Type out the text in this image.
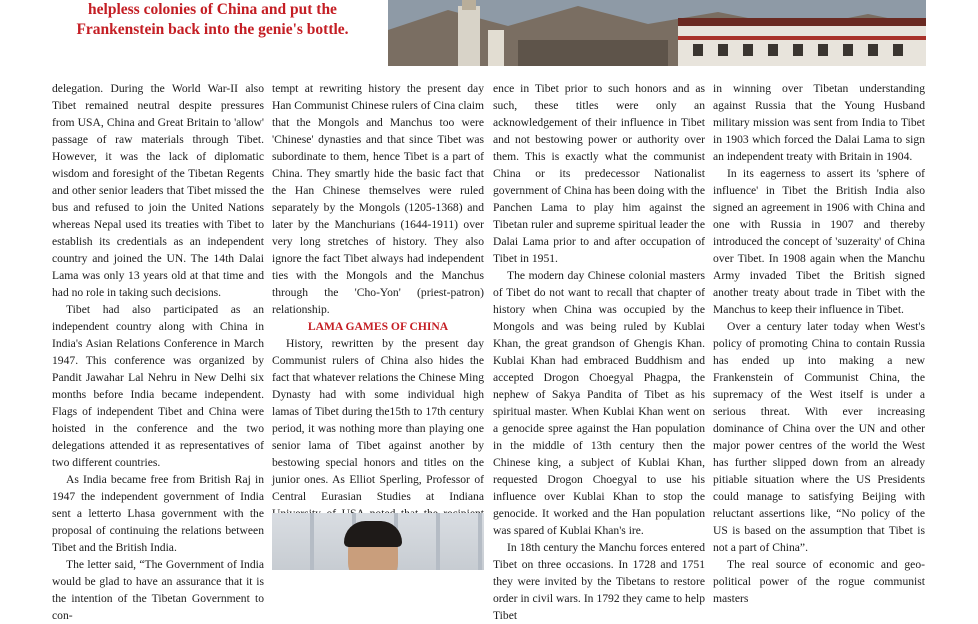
helpless colonies of China and put the
Frankenstein back into the genie's bottle.

delegation. During the World War-II also Tibet remained neutral despite pressures from USA, China and Great Britain to 'allow' passage of raw materials through Tibet. However, it was the lack of diplomatic wisdom and foresight of the Tibetan Regents and other senior leaders that Tibet missed the bus and refused to join the United Nations whereas Nepal used its treaties with Tibet to establish its credentials as an independent country and joined the UN. The 14th Dalai Lama was only 13 years old at that time and had no role in taking such decisions.

Tibet had also participated as an independent country along with China in India's Asian Relations Conference in March 1947. This conference was organized by Pandit Jawahar Lal Nehru in New Delhi six months before India became independent. Flags of independent Tibet and China were hoisted in the conference and the two delegations attended it as representatives of two different countries.

As India became free from British Raj in 1947 the independent government of India sent a letterto Lhasa government with the proposal of continuing the relations between Tibet and the British India.

The letter said, “The Government of India would be glad to have an assurance that it is the intention of the Tibetan Government to con-

tempt at rewriting history the present day Han Communist Chinese rulers of Cina claim that the Mongols and Manchus too were 'Chinese' dynasties and that since Tibet was subordinate to them, hence Tibet is a part of China. They smartly hide the basic fact that the Han Chinese themselves were ruled separately by the Mongols (1205-1368) and later by the Manchurians (1644-1911) over very long stretches of history. They also ignore the fact Tibet always had independent ties with the Mongols and the Manchus through the 'Cho-Yon' (priest-patron) relationship.

LAMA GAMES OF CHINA

History, rewritten by the present day Communist rulers of China also hides the fact that whatever relations the Chinese Ming Dynasty had with some individual high lamas of Tibet during the15th to 17th century period, it was nothing more than playing one senior lama of Tibet against another by bestowing special honors and titles on the junior ones. As Elliot Sperling, Professor of Central Eurasian Studies at Indiana

ence in Tibet prior to such honors and as such, these titles were only an acknowledgement of their influence in Tibet and not bestowing power or authority over them. This is exactly what the communist China or its predecessor Nationalist government of China has been doing with the Panchen Lama to play him against the Tibetan ruler and supreme spiritual leader the Dalai Lama prior to and after occupation of Tibet in 1951.

The modern day Chinese colonial masters of Tibet do not want to recall that chapter of history when China was occupied by the Mongols and was being ruled by Kublai Khan, the great grandson of Ghengis Khan. Kublai Khan had embraced Buddhism and accepted Drogon Choegyal Phagpa, the nephew of Sakya Pandita of Tibet as his spiritual master. When Kublai Khan went on a genocide spree against the Han population in the middle of 13th century then the Chinese king, a subject of Kublai Khan, requested Drogon Choegyal to use his influence over Kublai Khan to stop the genocide. It worked and the Han population was spared of Kublai Khan's ire.

In 18th century the Manchu forces entered Tibet on three occasions. In 1728 and 1751 they were invited by the Tibetans to restore order in civil wars. In 1792 they came to help Tibet

in winning over Tibetan understanding against Russia that the Young Husband military mission was sent from India to Tibet in 1903 which forced the Dalai Lama to sign an independent treaty with Britain in 1904.

In its eagerness to assert its 'sphere of influence' in Tibet the British India also signed an agreement in 1906 with China and one with Russia in 1907 and thereby introduced the concept of 'suzeraity' of China over Tibet. In 1908 again when the Manchu Army invaded Tibet the British signed another treaty about trade in Tibet with the Manchus to keep their influence in Tibet.

Over a century later today when West's policy of promoting China to contain Russia has ended up into making a new Frankenstein of Communist China, the supremacy of the West itself is under a serious threat. With ever increasing dominance of China over the UN and other major power centres of the world the West has further slipped down from an already pitiable situation where the US Presidents could manage to satisfying Beijing with reluctant assertions like, “No policy of the US is based on the assumption that Tibet is not a part of China”.

The real source of economic and geo-political power of the rogue communist masters
